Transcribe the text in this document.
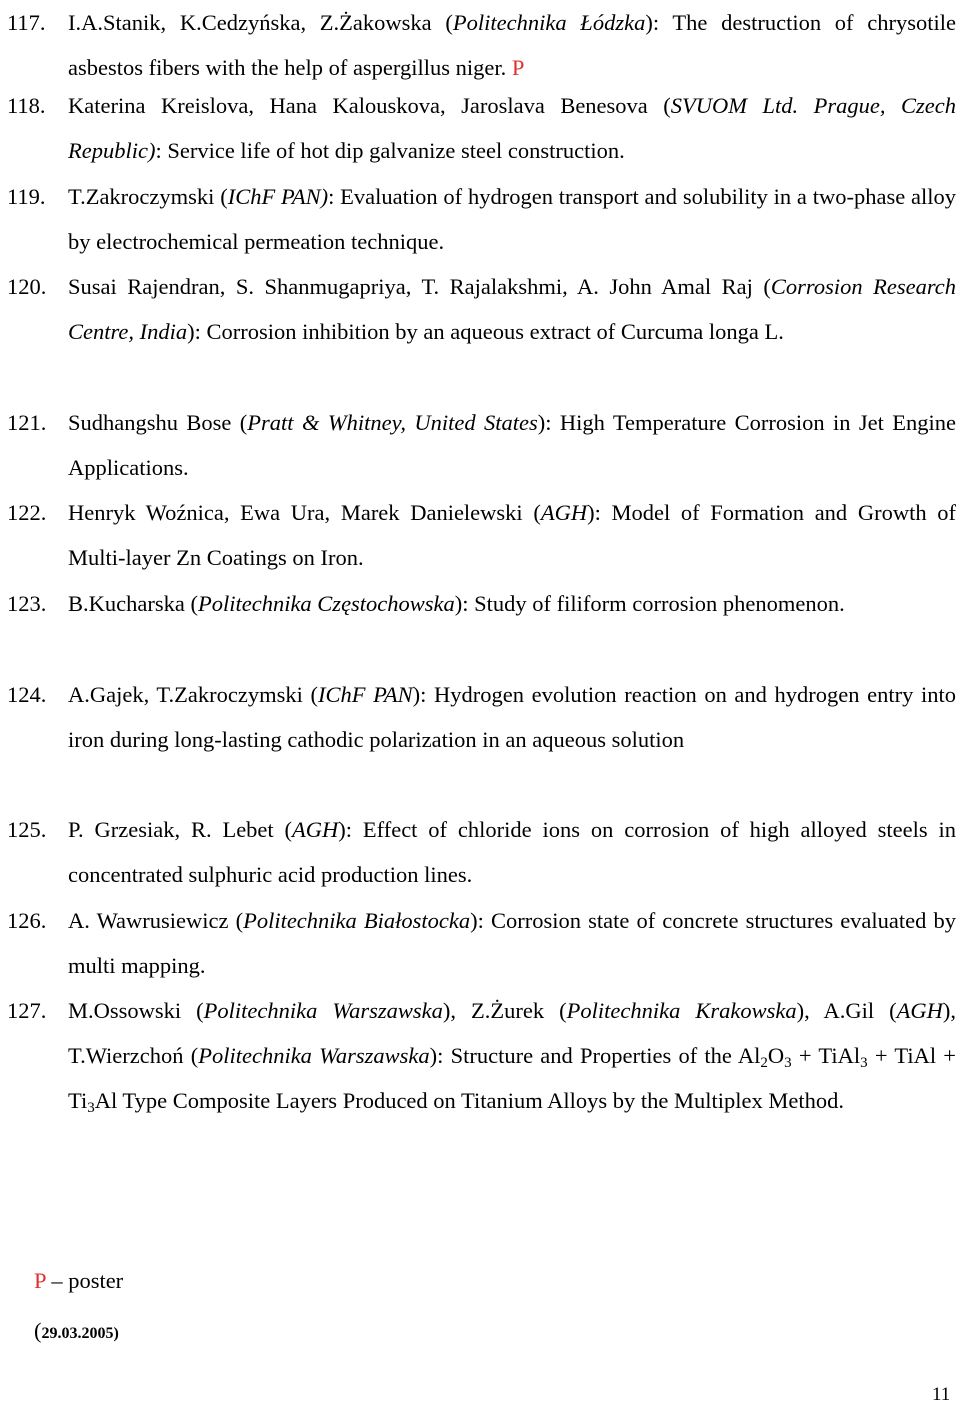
117. I.A.Stanik, K.Cedzyńska, Z.Żakowska (Politechnika Łódzka): The destruction of chrysotile asbestos fibers with the help of aspergillus niger. P
118. Katerina Kreislova, Hana Kalouskova, Jaroslava Benesova (SVUOM Ltd. Prague, Czech Republic): Service life of hot dip galvanize steel construction.
119. T.Zakroczymski (IChF PAN): Evaluation of hydrogen transport and solubility in a two-phase alloy by electrochemical permeation technique.
120. Susai Rajendran, S. Shanmugapriya, T. Rajalakshmi, A. John Amal Raj (Corrosion Research Centre, India): Corrosion inhibition by an aqueous extract of Curcuma longa L.
121. Sudhangshu Bose (Pratt & Whitney, United States): High Temperature Corrosion in Jet Engine Applications.
122. Henryk Woźnica, Ewa Ura, Marek Danielewski (AGH): Model of Formation and Growth of Multi-layer Zn Coatings on Iron.
123. B.Kucharska (Politechnika Częstochowska): Study of filiform corrosion phenomenon.
124. A.Gajek, T.Zakroczymski (IChF PAN): Hydrogen evolution reaction on and hydrogen entry into iron during long-lasting cathodic polarization in an aqueous solution
125. P. Grzesiak, R. Lebet (AGH): Effect of chloride ions on corrosion of high alloyed steels in concentrated sulphuric acid production lines.
126. A. Wawrusiewicz (Politechnika Białostocka): Corrosion state of concrete structures evaluated by multi mapping.
127. M.Ossowski (Politechnika Warszawska), Z.Żurek (Politechnika Krakowska), A.Gil (AGH), T.Wierzchoń (Politechnika Warszawska): Structure and Properties of the $Al_2O_3$ + TiAl$_3$ + TiAl + $Ti_3Al$ Type Composite Layers Produced on Titanium Alloys by the Multiplex Method.
P – poster
(29.03.2005)
11
